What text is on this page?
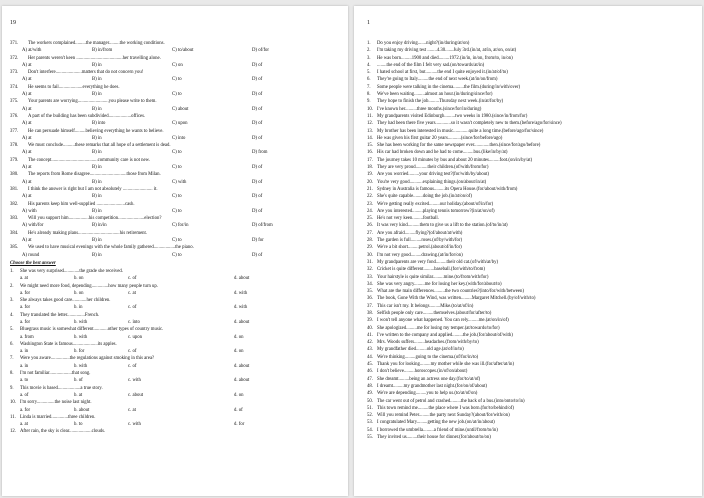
19
371.	The workers complained.........the manager.........the working conditions.
A) at/with	B) in/from	C) to/about	D) of/for
372.	Her parents weren't keen .......................................her travelling alone.
A) at	B) in	C) on	D) of
373.	Don't interfere......................matters that do not concern you!
A) at	B) in	C) to	D) of
374.	He seems to fail....................everything he does.
A) at	B) in	C) to	D) of
375.	Your parents are worrying..........................you please write to them.
A) at	B) in	C) about	D) of
376.	A part of the building has been subdivided...................offices.
A) at	B) into	C) upon	D) of
377.	He can persuade himself.........believing everything he wants to believe.
A) at	B) in	C) into	D) of
378.	We must conclude..........these remarks that all hope of a settlement is dead.
A) at	B) in	C) to	D) from
379.	The concept.......................................community care is not new.
A) at	B) in	C) to	D) of
380.	The reports from Rome disagree...............................those from Milan.
A) at	B) in	C) with	D) of
381.	I think the answer is right but I am not absolutely ......................... it.
A) at	B) in	C) to	D) of
382.	His parents keep him well-supplied ........................cash.
A) with	B) in	C) to	D) of
383.	Will you support him.................his competition......................election?
A) with/for	B) in/in	C) for/in	D) of/from
384.	He's already making plans...................................his retirement.
A) at	B) in	C) to	D) for
385.	We used to have musical evenings with the whole family gathered..................the piano.
A) round	B) in	C) to	D) of
Choose the best answer
1.	She was very surprised.............the grade she received.
a. at	b. on	c. of	d. about
2.	We might need more food, depending..............how many people turn up.
a. for	b. on	c. at	d. with
3.	She always takes good care............her children.
a. for	b. in	c. of	d. with
4.	They translated the letter...............French.
a. for	b. with	c. into	d. about
5.	Bluegrass music is somewhat different............other types of country music.
a. from	b. with	c. upon	d. on
6.	Washington State is famous.....................its apples.
a. in	b. for	c. of	d. on
7.	Were you aware................the regulations against smoking in this area?
a. in	b. with	c. of	d. about
8.	I'm not familiar...................that song.
a. to	b. of	c. with	d. about
9.	This movie is based...................a true story.
a. of	b. at	c. about	d. on
10. I'm sorry...............the noise last night.
a. for	b. about	c. at	d. of
11. Linda is married..............three children.
a. at	b. to	c. with	d. for
12. After rain, the sky is clear...................clouds.
1
1.	Do you enjoy driving.......night?(in/during/at/on)
2.	I'm taking my driving test ........4.30.......July 3rd.(in/at, at/in, at/on, on/at)
3.	He was born.........1900 and died.........1972.(in/in, in/on, from/to, in/on)
4.	........the end of the film I felt very sad.(on/towards/at/in)
5.	I hated school at first, but..........the end I quite enjoyed it.(in/at/of/to)
6.	They're going to Italy.........the end of next week.(at/in/on/from)
7.	Some people were talking in the cinema.........the film.(during/in/with/over)
8.	We've been waiting.........almost an hour.(in/during/since/for)
9.	They hope to finish the job.........Thursday next week.(in/at/for/by)
10. I've known her..........three months.(since/for/in/during)
11. My grandparents visited Edinburgh.........two weeks in 1980.(since/in/from/for)
12. They had been there five years.............so it wasn't completely new to them.(before/ago/for/since)
13. My brother has been interested in music.............quite a long time.(before/ago/for/since)
14. He was given his first guitar 20 years...........(since/for/before/ago)
15. She has been working for the same newspaper ever.............then.(since/for/ago/before)
16. His car had broken down and he had to come.........bus.(like/in/by/at)
17. The journey takes 10 minutes by bus and about 20 minutes.........foot.(on/in/by/at)
18. They are very proud..........their children.(of/with/from/for)
19. Are you worried.........your driving test?(for/with/by/about)
20. You're very good...........explaining things.(on/about/in/at)
21. Sydney in Australia is famous.........its Opera House.(for/about/with/from)
22. She's quite capable........doing the job.(in/at/on/of)
23. We're getting really excited.........our holiday.(about/of/in/for)
24. Are you interested.........playing tennis tomorrow?(in/at/on/of)
25. He's not very keen.........football.
26. It was very kind..........them to give us a lift to the station.(of/to/in/at)
27. Are you afraid.........flying?(of/about/at/with)
28. The garden is full.........roses.(of/by/with/for)
29. We're a bit short.........petrol.(about/of/in/for)
30. I'm not very good.........drawing.(at/in/for/on)
31. My grandparents are very fond.........their old cat.(of/with/at/by)
32. Cricket is quite different.........baseball.(for/with/to/from)
33. Your hairstyle is quite similar.........mine.(to/from/with/for)
34. She was very angry.........me for losing her key.(with/for/about/to)
35. What are the main differences.........the two countries?(into/for/with/between)
36. The book, Gone With the Wind, was written.........Margaret Mitchell.(by/of/with/to)
37. This car isn't my. It belongs.........Mike.(to/at/of/in)
38. Selfish people only care.........themselves.(about/for/after/to)
39. I won't tell anyone what happened. You can rely.........me.(at/on/in/of)
40. She apologized.........me for losing my temper.(at/towards/to/for)
41. I've written to the company and applied.........the job.(for/about/of/with)
42. Mrs. Woods suffers.........headaches.(from/with/by/to)
43. My grandfather died.........old age.(at/of/in/to)
44. We're thinking.........going to the cinema.(of/for/in/to)
45. Thank you for looking.........my mother while she was ill.(for/after/at/in)
46. I don't believe.........horoscopes.(in/of/on/about)
47. She dreamt.........being an actress one day.(for/to/at/of)
48. I dreamt.........my grandmother last night.(for/on/of/about)
49. We're are depending.........you to help us.(to/at/of/on)
50. The car went out of petrol and crashed.........the back of a bus.(into/onto/to/in)
51. This town remind me.........the place where I was born.(for/to/behind/of)
52. Will you remind Peter.........the party next Sunday?(about/for/with/on)
53. I congratulated Mary.........getting the new job.(on/at/in/about)
54. I borrowed the umbrella.........a friend of mine.(until/from/to/in)
55. They invited us.........their house for dinner.(for/about/to/on)
